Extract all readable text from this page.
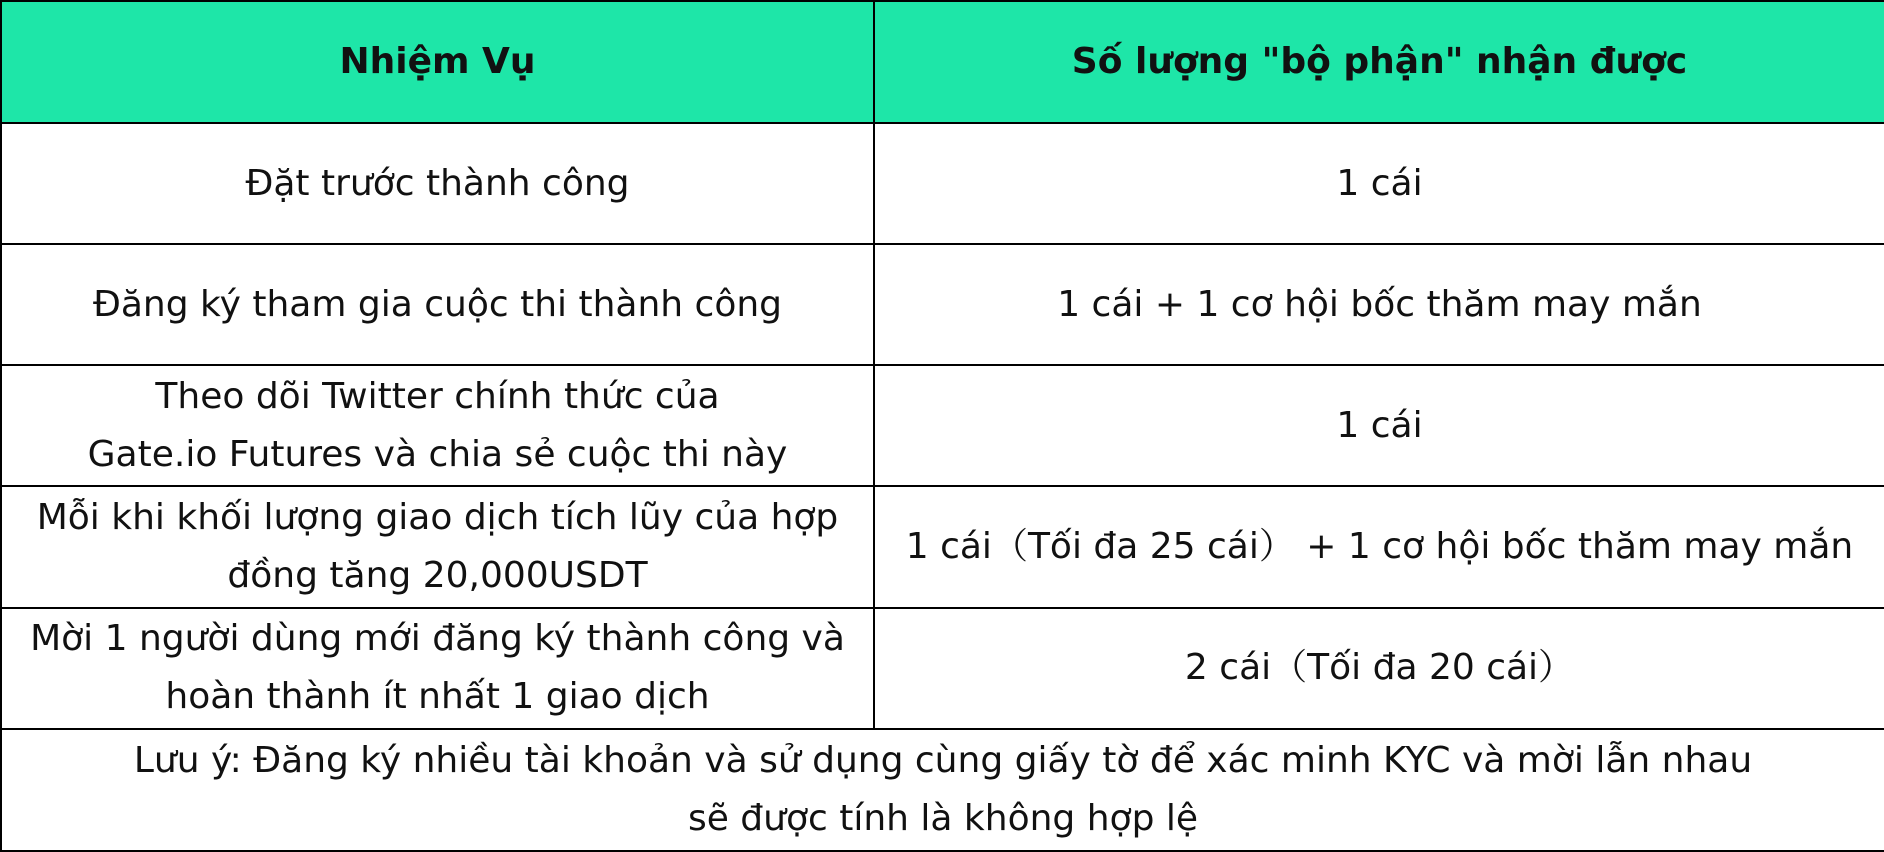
Nhiệm Vụ	Số lượng "bộ phận" nhận được

Đặt trước thành công	1 cái

Đăng ký tham gia cuộc thi thành công	1 cái + 1 cơ hội bốc thăm may mắn

Theo dõi Twitter chính thức của
Gate.io Futures và chia sẻ cuộc thi này	1 cái

Mỗi khi khối lượng giao dịch tích lũy của hợp
đồng tăng 20,000USDT	1 cái（Tối đa 25 cái） + 1 cơ hội bốc thăm may mắn

Mời 1 người dùng mới đăng ký thành công và
hoàn thành ít nhất 1 giao dịch	2 cái（Tối đa 20 cái）

Lưu ý: Đăng ký nhiều tài khoản và sử dụng cùng giấy tờ để xác minh KYC và mời lẫn nhau
sẽ được tính là không hợp lệ	
